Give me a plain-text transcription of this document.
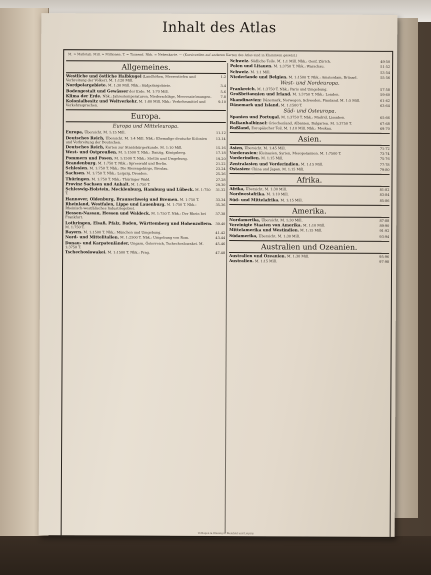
Inhalt des Atlas
M. = Maßstab. Mill. = Millionen. T. = Tausend. Nbk. = Nebenkarte. — (Kursivzeilen auf anderen Karten des Atlas sind in Klammern gesetzt.)
Allgemeines.
Westliche und östliche Halbkugel (Landhöhen, Meerestiefen und Verbreitung der Völker). M. 1:120 Mill.
1-2
Nordpolargebiete. M. 1:30 Mill. Nbk.: Südpolargebiete.	3-4
Bodengestalt und Gewässer der Erde. M. 1:70 Mill.	5-6
Klima der Erde. Nbk.: Jahrestemperaturen, Niederschläge, Meeresströmungen.	7-8
Kolonialbesitz und Weltverkehr. M. 1:80 Mill. Nbk.: Verkehrsmittel und Verkehrssprachen.
9-10
Europa.
Europa und Mitteleuropa.
Europa, Übersicht. M. 1:15 Mill.	11-12
Deutsches Reich, Übersicht. M. 1:4 Mill. Nbk.: Ehemalige deutsche Kolonien und Verbreitung der Deutschen.
13-14
Deutsches Reich, Karten zur Staatsbürgerkunde. M. 1:10 Mill.	15-16
West- und Ostpreußen. M. 1:1500 T. Nbk.: Danzig, Königsberg.	17-18
Pommern und Posen. M. 1:1500 T. Nbk.: Stettin und Umgebung.	19-20
Brandenburg. M. 1:750 T. Nbk.: Spreewald und Berlin.	21-22
Schlesien. M. 1:750 T. Nbk.: Die Riesengebirge, Breslau.	23-24
Sachsen. M. 1:750 T. Nbk.: Leipzig, Dresden.	25-26
Thüringen. M. 1:750 T. Nbk.: Thüringer Wald.	27-28
Provinz Sachsen und Anhalt. M. 1:750 T.	29-30
Schleswig-Holstein, Mecklenburg, Hamburg und Lübeck. M. 1:750 T.
31-32
Hannover, Oldenburg, Braunschweig und Bremen. M. 1:750 T.	33-34
Rheinland, Westfalen, Lippe und Lauenburg. M. 1:750 T. Nbk.: Rheinisch-westfälisches Industriegebiet.
35-36
Hessen-Nassau, Hessen und Waldeck. M. 1:750 T. Nbk.: Der Rhein bei Frankfurt.
37-38
Lothringen, Elsaß, Pfalz, Baden, Württemberg und Hohenzollern. M. 1:750 T.
39-40
Bayern. M. 1:1500 T. Nbk.: München und Umgebung.	41-42
Nord- und Mittelitalien. M. 1:2500 T. Nbk.: Umgebung von Rom.	43-44
Donau- und Karpatenländer, Ungarn, Österreich, Tschechoslowakei. M. 1:3750 T.
45-46
Tschechoslowakei. M. 1:1500 T. Nbk.: Prag.	47-48
Schweiz. Südliche Teile. M. 1:1 Mill. Nbk.: Genf, Zürich.	49-50
Polen und Litauen. M. 1:3750 T. Nbk.: Warschau.	51-52
Schweiz. M. 1:1 Mill.	53-54
Niederlande und Belgien. M. 1:1500 T. Nbk.: Amsterdam, Brüssel.	55-56
West- und Nordeuropa.
Frankreich. M. 1:3750 T. Nbk.: Paris und Umgebung.	57-58
Großbritannien und Irland. M. 1:3750 T. Nbk.: London.	59-60
Skandinavien: Dänemark, Norwegen, Schweden, Finnland. M. 1:5 Mill.	61-62
Dänemark und Island. M. 1:1500 T.	63-64
Süd- und Osteuropa.
Spanien und Portugal. M. 1:3750 T. Nbk.: Madrid, Lissabon.	65-66
Balkanhalbinsel: Griechenland, Albanien, Bulgarien. M. 1:3750 T.	67-68
Rußland, Europäischer Teil. M. 1:10 Mill. Nbk.: Moskau.	69-70
Asien.
Asien, Übersicht. M. 1:45 Mill.	71-72
Vorderasien: Kleinasien, Syrien, Mesopotamien. M. 1:7500 T.	73-74
Vorderindien. M. 1:15 Mill.	75-76
Zentralasien und Vorderindien. M. 1:15 Mill.	77-78
Ostasien: China und Japan. M. 1:15 Mill.	79-80
Afrika.
Afrika, Übersicht. M. 1:30 Mill.	81-82
Nordwestafrika. M. 1:10 Mill.	83-84
Süd- und Mittelafrika. M. 1:15 Mill.	85-86
Amerika.
Nordamerika, Übersicht. M. 1:30 Mill.	87-88
Vereinigte Staaten von Amerika. M. 1:10 Mill.	89-90
Mittelamerika und Westindien. M. 1:15 Mill.	91-92
Südamerika, Übersicht. M. 1:30 Mill.	93-94
Australien und Ozeanien.
Australien und Ozeanien. M. 1:30 Mill.	95-96
Australien. M. 1:15 Mill.	97-98
Velhagen & Klasing in Bielefeld und Leipzig
